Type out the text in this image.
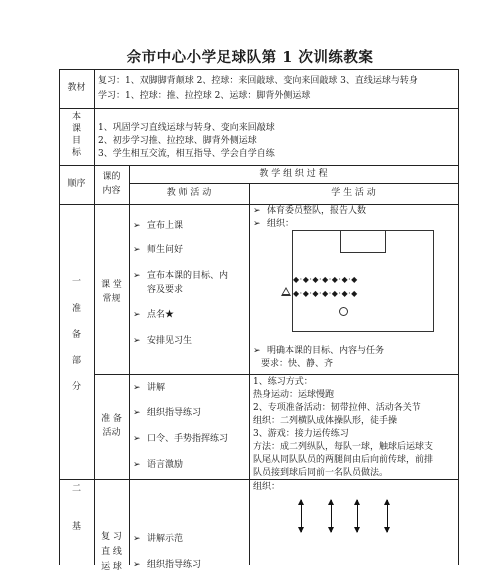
佘市中心小学足球队第 1 次训练教案
教材
复习：1、双脚脚背颠球 2、控球：来回敲球、变向来回敲球 3、直线运球与转身
学习：1、控球：推、拉控球 2、运球：脚背外侧运球
本
课
目
标
1、巩固学习直线运球与转身、变向来回敲球
2、初步学习推、拉控球、脚背外侧运球
3、学生相互交流，相互指导、学会自学自练
顺序
课的
内容
教 学 组 织 过 程
教 师 活 动	学 生 活 动
一
准
备
部
分
课 堂
常规
➢ 宣布上课
➢ 师生问好
➢ 宣布本课的目标、内
容及要求
➢ 点名★
➢ 安排见习生
➢ 体育委员整队，报告人数
➢ 组织：
◆·◆·◆·◆·◆·◆·◆
◆·◆·◆·◆·◆·◆·◆
➢ 明确本课的目标、内容与任务
要求：快、静、齐
准 备
活动
➢ 讲解
➢ 组织指导练习
➢ 口令、手势指挥练习
➢ 语言激励
1、练习方式：
热身运动：运球慢跑
2、专项准备活动：韧带拉伸、活动各关节
组织：二列横队成体操队形，徒手操
3、游戏：接力运传练习
方法：成二列纵队，每队一球，触球后运球支
队尾从同队队员的两腿间由后向前传球，前排
队员接到球后同前一名队员做法。
二
基
复 习
直 线
运 球
➢ 讲解示范
➢ 组织指导练习
组织：
